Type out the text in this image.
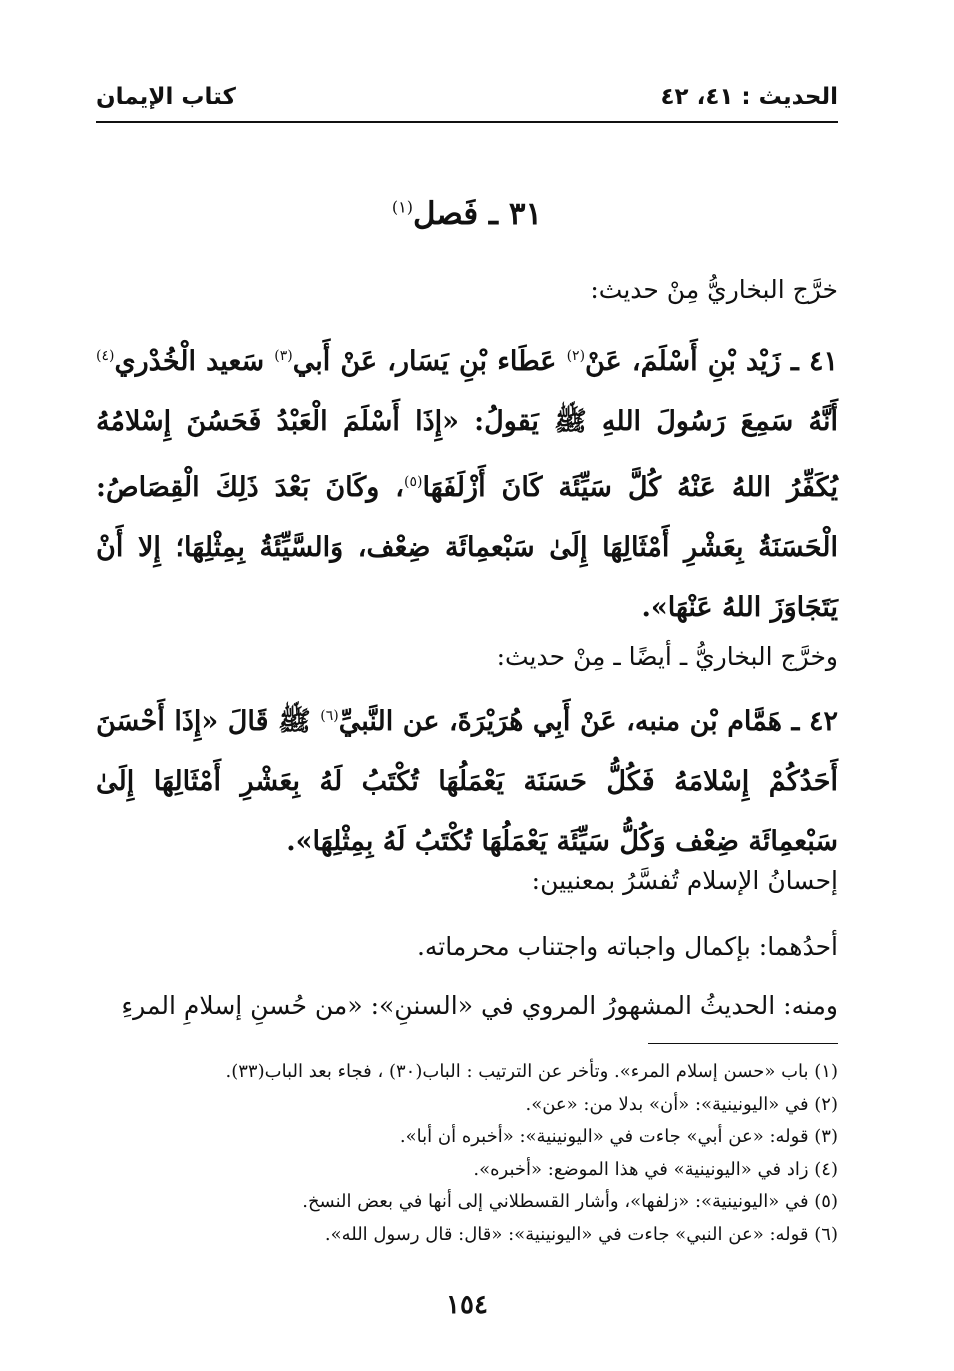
الحديث : ٤١، ٤٢
كتاب الإيمان
٣١ ـ فَصل$^{(١)}$
خرَّج البخاريُّ مِنْ حديث:
٤١ ـ زَيْد بْنِ أَسْلَمَ، عَنْ$^{(٢)}$ عَطَاء بْنِ يَسَار، عَنْ أَبي$^{(٣)}$ سَعيد الْخُدْري$^{(٤)}$ أَنَّهُ سَمِعَ رَسُولَ اللهِ ﷺ يَقولُ: «إِذَا أَسْلَمَ الْعَبْدُ فَحَسُنَ إِسْلامُهُ يُكَفِّرُ اللهُ عَنْهُ كُلَّ سَيِّئَة كَانَ أَزْلَفَهَا$^{(٥)}$، وكَانَ بَعْدَ ذَلِكَ الْقِصَاصُ: الْحَسَنَةُ بِعَشْرِ أَمْثَالِهَا إِلَىٰ سَبْعمِائَة ضِعْف، وَالسَّيِّئَةُ بِمِثْلِهَا؛ إِلا أَنْ يَتَجَاوَزَ اللهُ عَنْهَا».
وخرَّج البخاريُّ ـ أيضًا ـ مِنْ حديث:
٤٢ ـ هَمَّام بْن منبه، عَنْ أَبِي هُرَيْرَةَ، عن النَّبيِّ$^{(٦)}$ ﷺ قَالَ «إِذَا أَحْسَنَ أَحَدُكُمْ إِسْلامَهُ فَكُلُّ حَسَنَة يَعْمَلُهَا تُكْتَبُ لَهُ بِعَشْرِ أَمْثَالِهَا إِلَىٰ سَبْعمِائَة ضِعْف وَكُلُّ سَيِّئَة يَعْمَلُهَا تُكْتَبُ لَهُ بِمِثْلِهَا».
إحسانُ الإسلام تُفسَّرُ بمعنيين:
أحدُهما: بإكمال واجباته واجتناب محرماته.
ومنه: الحديثُ المشهورُ المروي في «السننِ»: «من حُسنِ إسلامِ المرءِ
(١) باب «حسن إسلام المرء». وتأخر عن الترتيب : الباب(٣٠) ، فجاء بعد الباب(٣٣).
(٢) في «اليونينية»: «أن» بدلا من: «عن».
(٣) قوله: «عن أبي» جاءت في «اليونينية»: «أخبره أن أبا».
(٤) زاد في «اليونينية» في هذا الموضع: «أخبره».
(٥) في «اليونينية»: «زلفها»، وأشار القسطلاني إلى أنها في بعض النسخ.
(٦) قوله: «عن النبي» جاءت في «اليونينية»: «قال: قال رسول الله».
١٥٤
